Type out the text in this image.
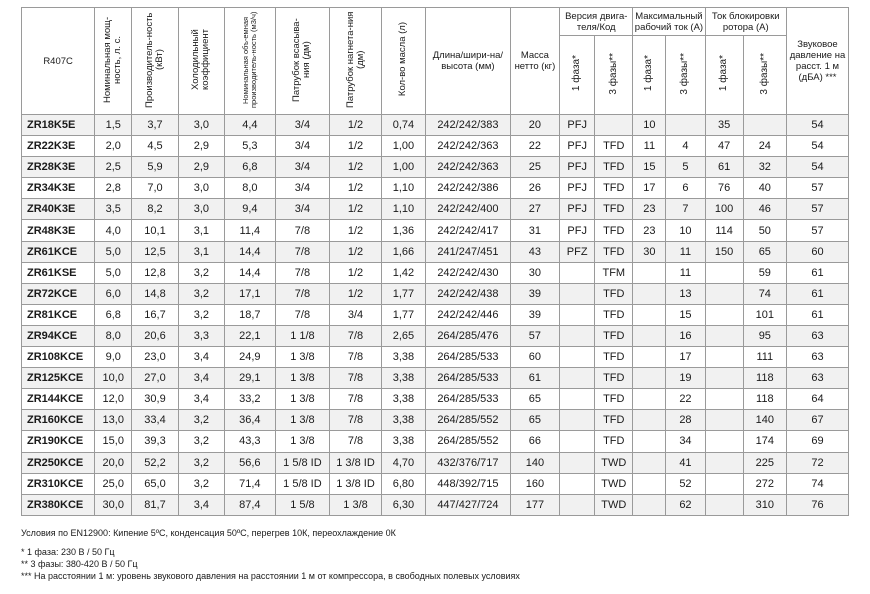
R407C	Номинальная мощ-ность, л. с.	Производитель-ность (кВт)	Холодильный коэффициент	Номинальная объ-емная производитель-ность (м3/ч)	Патрубок всасыва-ния (дм)	Патрубок нагнета-ния (дм)	Кол-во масла (л)	Длина/шири-на/высота (мм)	Масса нетто (кг)	Версия двига-теля/Код		Максимальный рабочий ток (А)		Ток блокировки ротора (А)		Звуковое давление на расст. 1 м (дБА) ***
										1 фаза*	3 фазы**	1 фаза*	3 фазы**	1 фаза*	3 фазы**	
ZR18K5E	1,5	3,7	3,0	4,4	3/4	1/2	0,74	242/242/383	20	PFJ		10		35		54
ZR22K3E	2,0	4,5	2,9	5,3	3/4	1/2	1,00	242/242/363	22	PFJ	TFD	11	4	47	24	54
ZR28K3E	2,5	5,9	2,9	6,8	3/4	1/2	1,00	242/242/363	25	PFJ	TFD	15	5	61	32	54
ZR34K3E	2,8	7,0	3,0	8,0	3/4	1/2	1,10	242/242/386	26	PFJ	TFD	17	6	76	40	57
ZR40K3E	3,5	8,2	3,0	9,4	3/4	1/2	1,10	242/242/400	27	PFJ	TFD	23	7	100	46	57
ZR48K3E	4,0	10,1	3,1	11,4	7/8	1/2	1,36	242/242/417	31	PFJ	TFD	23	10	114	50	57
ZR61KCE	5,0	12,5	3,1	14,4	7/8	1/2	1,66	241/247/451	43	PFZ	TFD	30	11	150	65	60
ZR61KSE	5,0	12,8	3,2	14,4	7/8	1/2	1,42	242/242/430	30		TFM		11		59	61
ZR72KCE	6,0	14,8	3,2	17,1	7/8	1/2	1,77	242/242/438	39		TFD		13		74	61
ZR81KCE	6,8	16,7	3,2	18,7	7/8	3/4	1,77	242/242/446	39		TFD		15		101	61
ZR94KCE	8,0	20,6	3,3	22,1	1 1/8	7/8	2,65	264/285/476	57		TFD		16		95	63
ZR108KCE	9,0	23,0	3,4	24,9	1 3/8	7/8	3,38	264/285/533	60		TFD		17		111	63
ZR125KCE	10,0	27,0	3,4	29,1	1 3/8	7/8	3,38	264/285/533	61		TFD		19		118	63
ZR144KCE	12,0	30,9	3,4	33,2	1 3/8	7/8	3,38	264/285/533	65		TFD		22		118	64
ZR160KCE	13,0	33,4	3,2	36,4	1 3/8	7/8	3,38	264/285/552	65		TFD		28		140	67
ZR190KCE	15,0	39,3	3,2	43,3	1 3/8	7/8	3,38	264/285/552	66		TFD		34		174	69
ZR250KCE	20,0	52,2	3,2	56,6	1 5/8 ID	1 3/8 ID	4,70	432/376/717	140		TWD		41		225	72
ZR310KCE	25,0	65,0	3,2	71,4	1 5/8 ID	1 3/8 ID	6,80	448/392/715	160		TWD		52		272	74
ZR380KCE	30,0	81,7	3,4	87,4	1 5/8	1 3/8	6,30	447/427/724	177		TWD		62		310	76
Условия по EN12900: Кипение 5ºС, конденсация 50ºС, перегрев 10К, переохлаждение 0К
* 1 фаза: 230 В / 50 Гц
** 3 фазы: 380-420 В / 50 Гц
*** На расстоянии 1 м: уровень звукового давления на расстоянии 1 м от компрессора, в свободных полевых условиях
